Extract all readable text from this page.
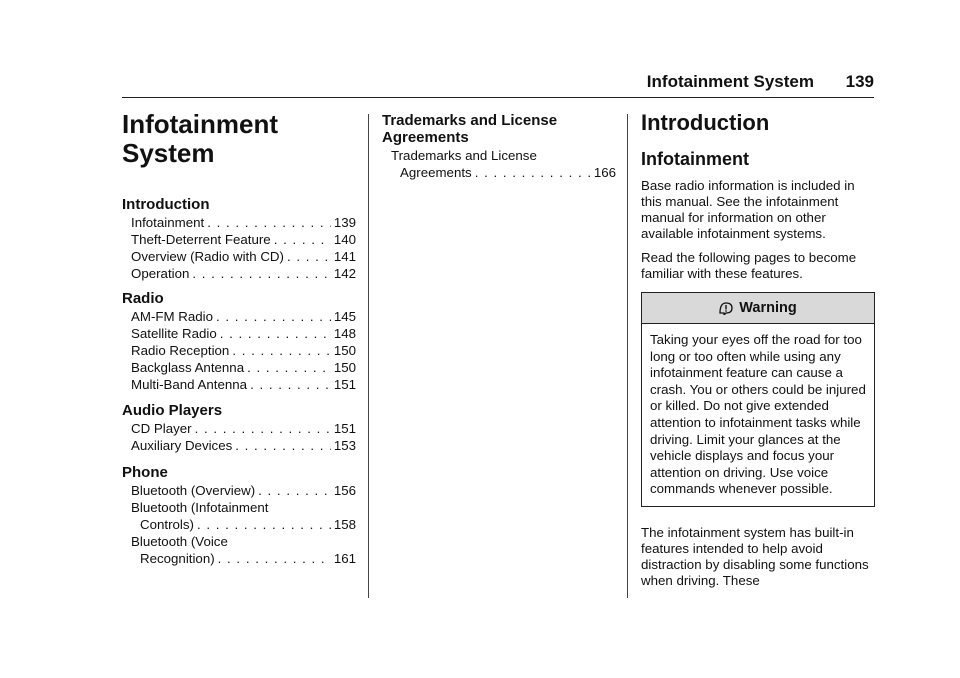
Infotainment System 139
Infotainment
System
Introduction
Infotainment . . .	139
Theft-Deterrent Feature . . .	140
Overview (Radio with CD) . . .	141
Operation . . .	142
Radio
AM-FM Radio . . .	145
Satellite Radio . . .	148
Radio Reception . . .	150
Backglass Antenna . . .	150
Multi-Band Antenna . . .	151
Audio Players
CD Player . . .	151
Auxiliary Devices . . .	153
Phone
Bluetooth (Overview) . . .	156
Bluetooth (Infotainment
Controls) . . .	158
Bluetooth (Voice
Recognition) . . .	161
Trademarks and License
Agreements
Trademarks and License
Agreements . . .	166
Introduction
Infotainment

Base radio information is included in this manual. See the infotainment manual for information on other available infotainment systems.

Read the following pages to become familiar with these features.

Warning
Taking your eyes off the road for too long or too often while using any infotainment feature can cause a crash. You or others could be injured or killed. Do not give extended attention to infotainment tasks while driving. Limit your glances at the vehicle displays and focus your attention on driving. Use voice commands whenever possible.

The infotainment system has built-in features intended to help avoid distraction by disabling some functions when driving. These
